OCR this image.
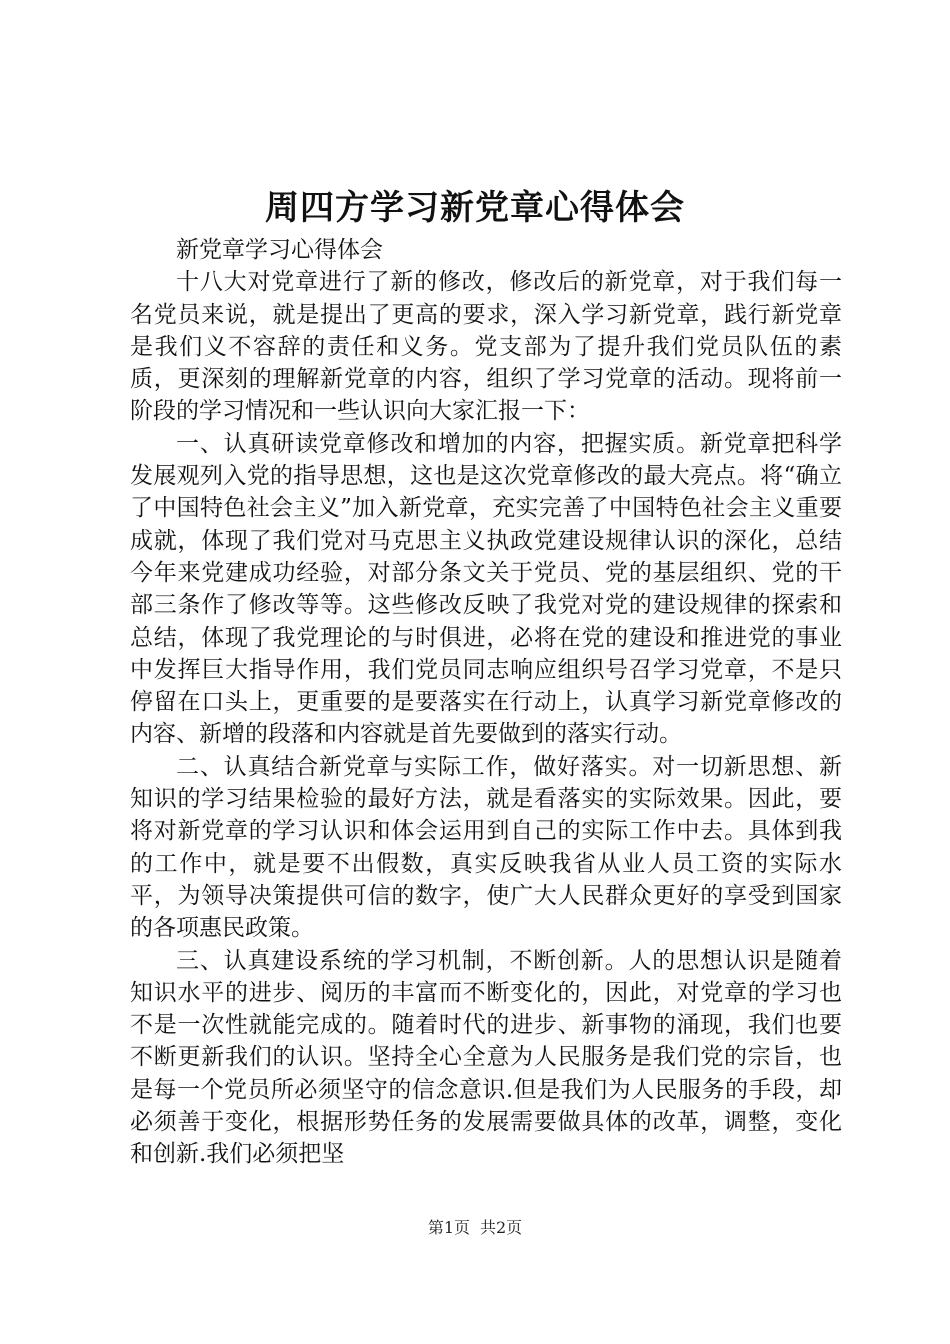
周四方学习新党章心得体会

新党章学习心得体会

十八大对党章进行了新的修改，修改后的新党章，对于我们每一名党员来说，就是提出了更高的要求，深入学习新党章，践行新党章是我们义不容辞的责任和义务。党支部为了提升我们党员队伍的素质，更深刻的理解新党章的内容，组织了学习党章的活动。现将前一阶段的学习情况和一些认识向大家汇报一下：

一、认真研读党章修改和增加的内容，把握实质。新党章把科学发展观列入党的指导思想，这也是这次党章修改的最大亮点。将“确立了中国特色社会主义”加入新党章，充实完善了中国特色社会主义重要成就，体现了我们党对马克思主义执政党建设规律认识的深化，总结今年来党建成功经验，对部分条文关于党员、党的基层组织、党的干部三条作了修改等等。这些修改反映了我党对党的建设规律的探索和总结，体现了我党理论的与时俱进，必将在党的建设和推进党的事业中发挥巨大指导作用，我们党员同志响应组织号召学习党章，不是只停留在口头上，更重要的是要落实在行动上，认真学习新党章修改的内容、新增的段落和内容就是首先要做到的落实行动。

二、认真结合新党章与实际工作，做好落实。对一切新思想、新知识的学习结果检验的最好方法，就是看落实的实际效果。因此，要将对新党章的学习认识和体会运用到自己的实际工作中去。具体到我的工作中，就是要不出假数，真实反映我省从业人员工资的实际水平，为领导决策提供可信的数字，使广大人民群众更好的享受到国家的各项惠民政策。

三、认真建设系统的学习机制，不断创新。人的思想认识是随着知识水平的进步、阅历的丰富而不断变化的，因此，对党章的学习也不是一次性就能完成的。随着时代的进步、新事物的涌现，我们也要不断更新我们的认识。坚持全心全意为人民服务是我们党的宗旨，也是每一个党员所必须坚守的信念意识.但是我们为人民服务的手段，却必须善于变化，根据形势任务的发展需要做具体的改革，调整，变化和创新.我们必须把坚

第1页 共2页
